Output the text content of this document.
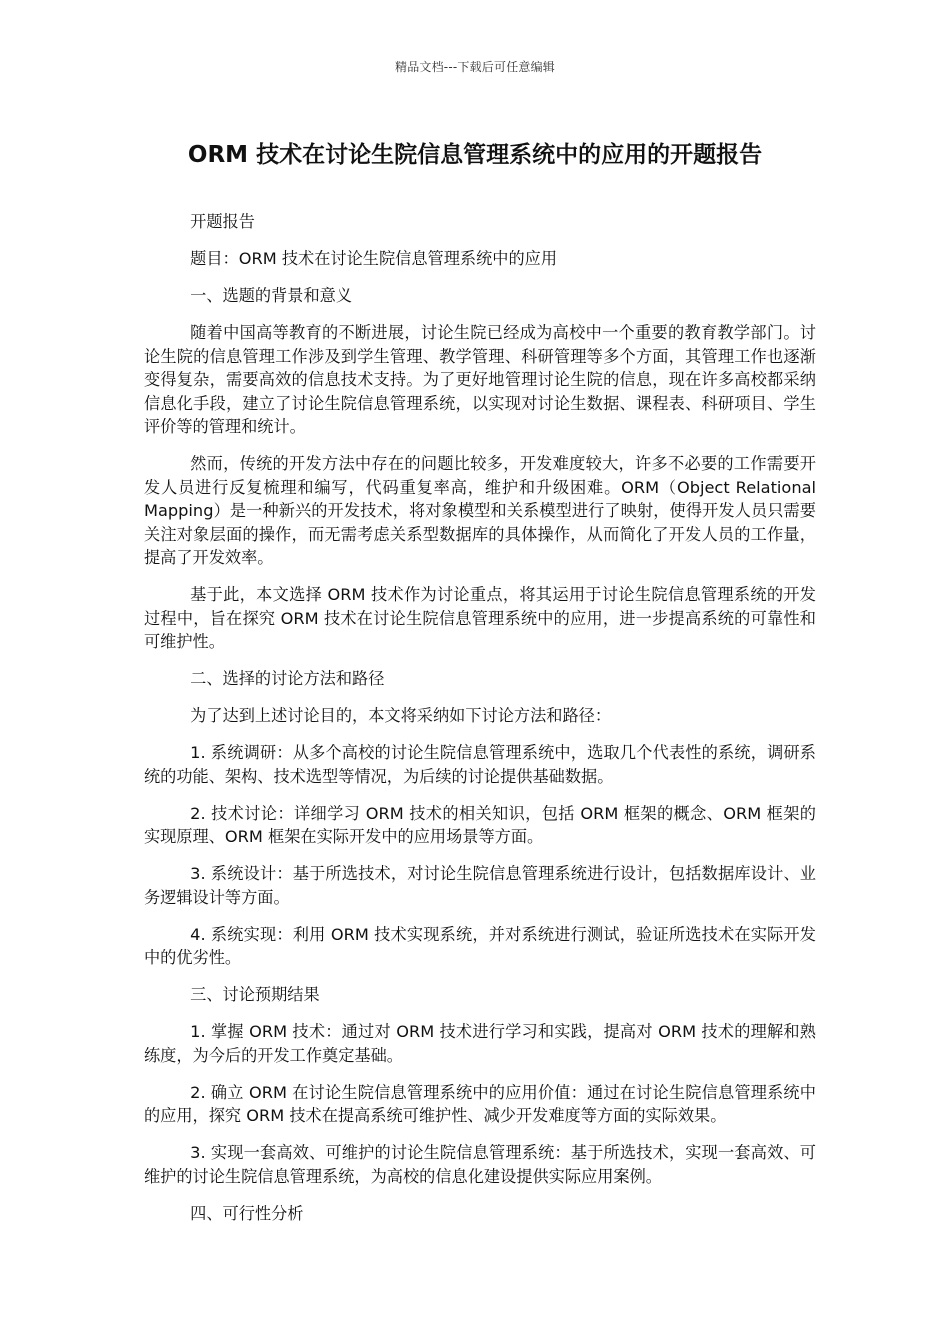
精品文档---下载后可任意编辑
ORM 技术在讨论生院信息管理系统中的应用的开题报告

开题报告

题目：ORM 技术在讨论生院信息管理系统中的应用

一、选题的背景和意义

随着中国高等教育的不断进展，讨论生院已经成为高校中一个重要的教育教学部门。讨论生院的信息管理工作涉及到学生管理、教学管理、科研管理等多个方面，其管理工作也逐渐变得复杂，需要高效的信息技术支持。为了更好地管理讨论生院的信息，现在许多高校都采纳信息化手段，建立了讨论生院信息管理系统，以实现对讨论生数据、课程表、科研项目、学生评价等的管理和统计。

然而，传统的开发方法中存在的问题比较多，开发难度较大，许多不必要的工作需要开发人员进行反复梳理和编写，代码重复率高，维护和升级困难。ORM（Object Relational Mapping）是一种新兴的开发技术，将对象模型和关系模型进行了映射，使得开发人员只需要关注对象层面的操作，而无需考虑关系型数据库的具体操作，从而简化了开发人员的工作量，提高了开发效率。

基于此，本文选择 ORM 技术作为讨论重点，将其运用于讨论生院信息管理系统的开发过程中，旨在探究 ORM 技术在讨论生院信息管理系统中的应用，进一步提高系统的可靠性和可维护性。

二、选择的讨论方法和路径

为了达到上述讨论目的，本文将采纳如下讨论方法和路径：

1. 系统调研：从多个高校的讨论生院信息管理系统中，选取几个代表性的系统，调研系统的功能、架构、技术选型等情况，为后续的讨论提供基础数据。

2. 技术讨论：详细学习 ORM 技术的相关知识，包括 ORM 框架的概念、ORM 框架的实现原理、ORM 框架在实际开发中的应用场景等方面。

3. 系统设计：基于所选技术，对讨论生院信息管理系统进行设计，包括数据库设计、业务逻辑设计等方面。

4. 系统实现：利用 ORM 技术实现系统，并对系统进行测试，验证所选技术在实际开发中的优劣性。

三、讨论预期结果

1. 掌握 ORM 技术：通过对 ORM 技术进行学习和实践，提高对 ORM 技术的理解和熟练度，为今后的开发工作奠定基础。

2. 确立 ORM 在讨论生院信息管理系统中的应用价值：通过在讨论生院信息管理系统中的应用，探究 ORM 技术在提高系统可维护性、减少开发难度等方面的实际效果。

3. 实现一套高效、可维护的讨论生院信息管理系统：基于所选技术，实现一套高效、可维护的讨论生院信息管理系统，为高校的信息化建设提供实际应用案例。

四、可行性分析
